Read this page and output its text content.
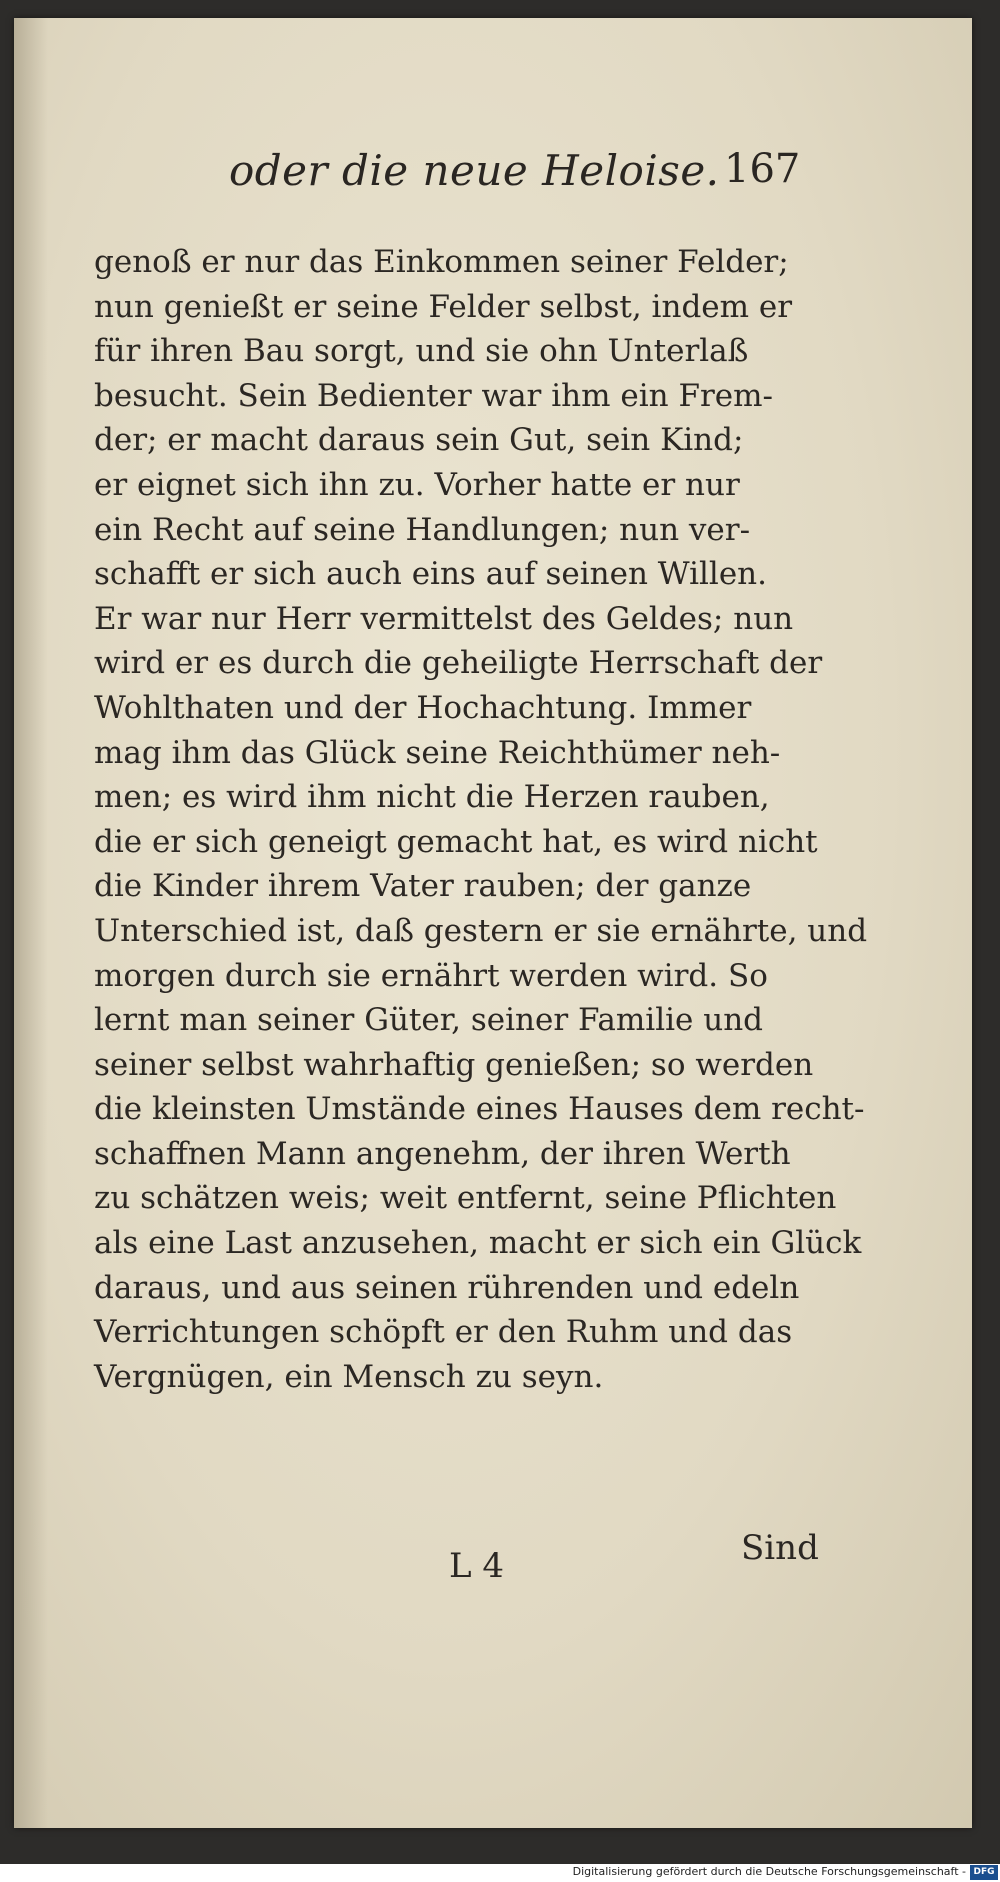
oder die neue Heloise. 167
genoß er nur das Einkommen seiner Felder;
nun genießt er seine Felder selbst, indem er
für ihren Bau sorgt, und sie ohn Unterlaß
besucht. Sein Bedienter war ihm ein Frem-
der; er macht daraus sein Gut, sein Kind;
er eignet sich ihn zu. Vorher hatte er nur
ein Recht auf seine Handlungen; nun ver-
schafft er sich auch eins auf seinen Willen.
Er war nur Herr vermittelst des Geldes; nun
wird er es durch die geheiligte Herrschaft der
Wohlthaten und der Hochachtung. Immer
mag ihm das Glück seine Reichthümer neh-
men; es wird ihm nicht die Herzen rauben,
die er sich geneigt gemacht hat, es wird nicht
die Kinder ihrem Vater rauben; der ganze
Unterschied ist, daß gestern er sie ernährte, und
morgen durch sie ernährt werden wird. So
lernt man seiner Güter, seiner Familie und
seiner selbst wahrhaftig genießen; so werden
die kleinsten Umstände eines Hauses dem recht-
schaffnen Mann angenehm, der ihren Werth
zu schätzen weis; weit entfernt, seine Pflichten
als eine Last anzusehen, macht er sich ein Glück
daraus, und aus seinen rührenden und edeln
Verrichtungen schöpft er den Ruhm und das
Vergnügen, ein Mensch zu seyn.
L 4	Sind
Digitalisierung gefördert durch die Deutsche Forschungsgemeinschaft - DFG
